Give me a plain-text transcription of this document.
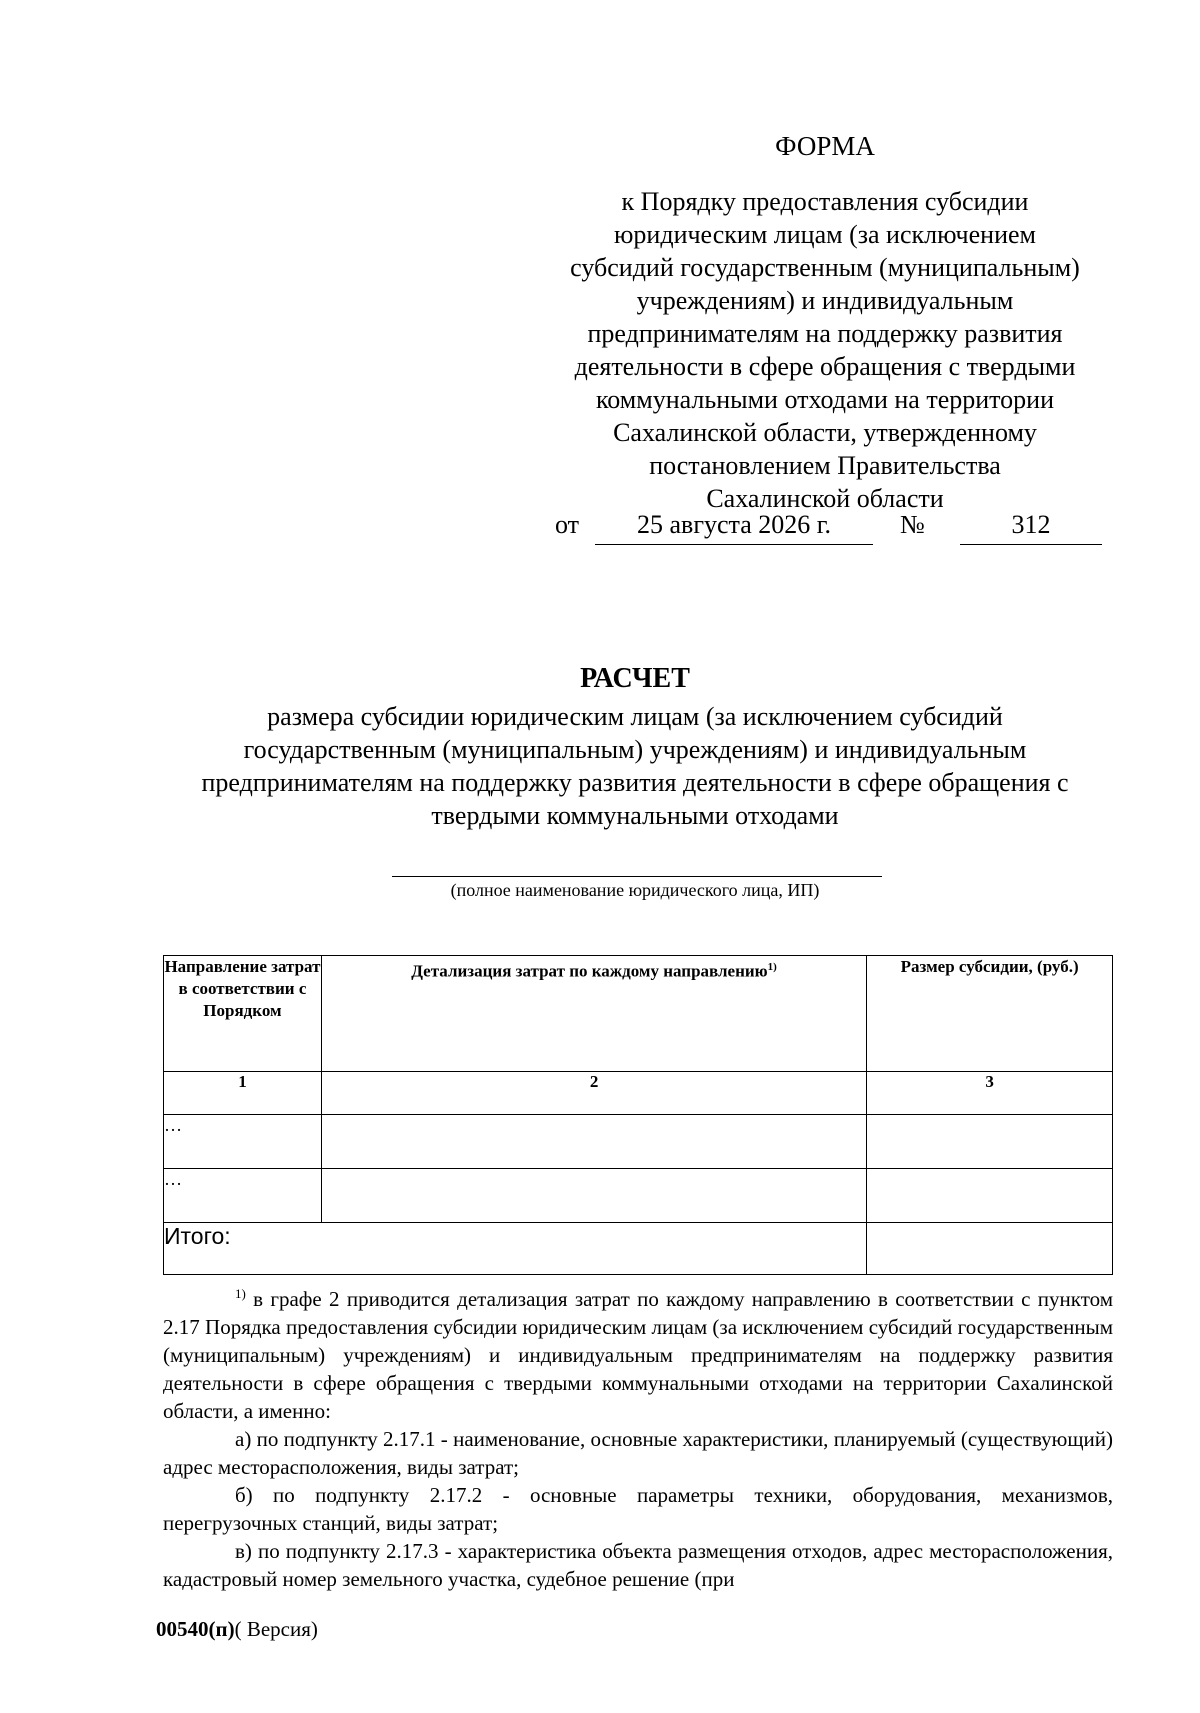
ФОРМА
к Порядку предоставления субсидии
юридическим лицам (за исключением
субсидий государственным (муниципальным)
учреждениям) и индивидуальным
предпринимателям на поддержку развития
деятельности в сфере обращения с твердыми
коммунальными отходами на территории
Сахалинской области, утвержденному
постановлением Правительства
Сахалинской области
от	25 августа 2026 г.	№	312
РАСЧЕТ
размера субсидии юридическим лицам (за исключением субсидий
государственным (муниципальным) учреждениям) и индивидуальным
предпринимателям на поддержку развития деятельности в сфере обращения с
твердыми коммунальными отходами
(полное наименование юридического лица, ИП)
Направление затрат в соответствии с Порядком	Детализация затрат по каждому направлению$^{1)}$	Размер субсидии, (руб.)
1	2	3
…		
…		
Итого:		

$^{1)}$ в графе 2 приводится детализация затрат по каждому направлению в соответствии с пунктом 2.17 Порядка предоставления субсидии юридическим лицам (за исключением субсидий государственным (муниципальным) учреждениям) и индивидуальным предпринимателям на поддержку развития деятельности в сфере обращения с твердыми коммунальными отходами на территории Сахалинской области, а именно:

а) по подпункту 2.17.1 - наименование, основные характеристики, планируемый (существующий) адрес месторасположения, виды затрат;

б) по подпункту 2.17.2 - основные параметры техники, оборудования, механизмов, перегрузочных станций, виды затрат;

в) по подпункту 2.17.3 - характеристика объекта размещения отходов, адрес месторасположения, кадастровый номер земельного участка, судебное решение (при

00540(п)( Версия)
